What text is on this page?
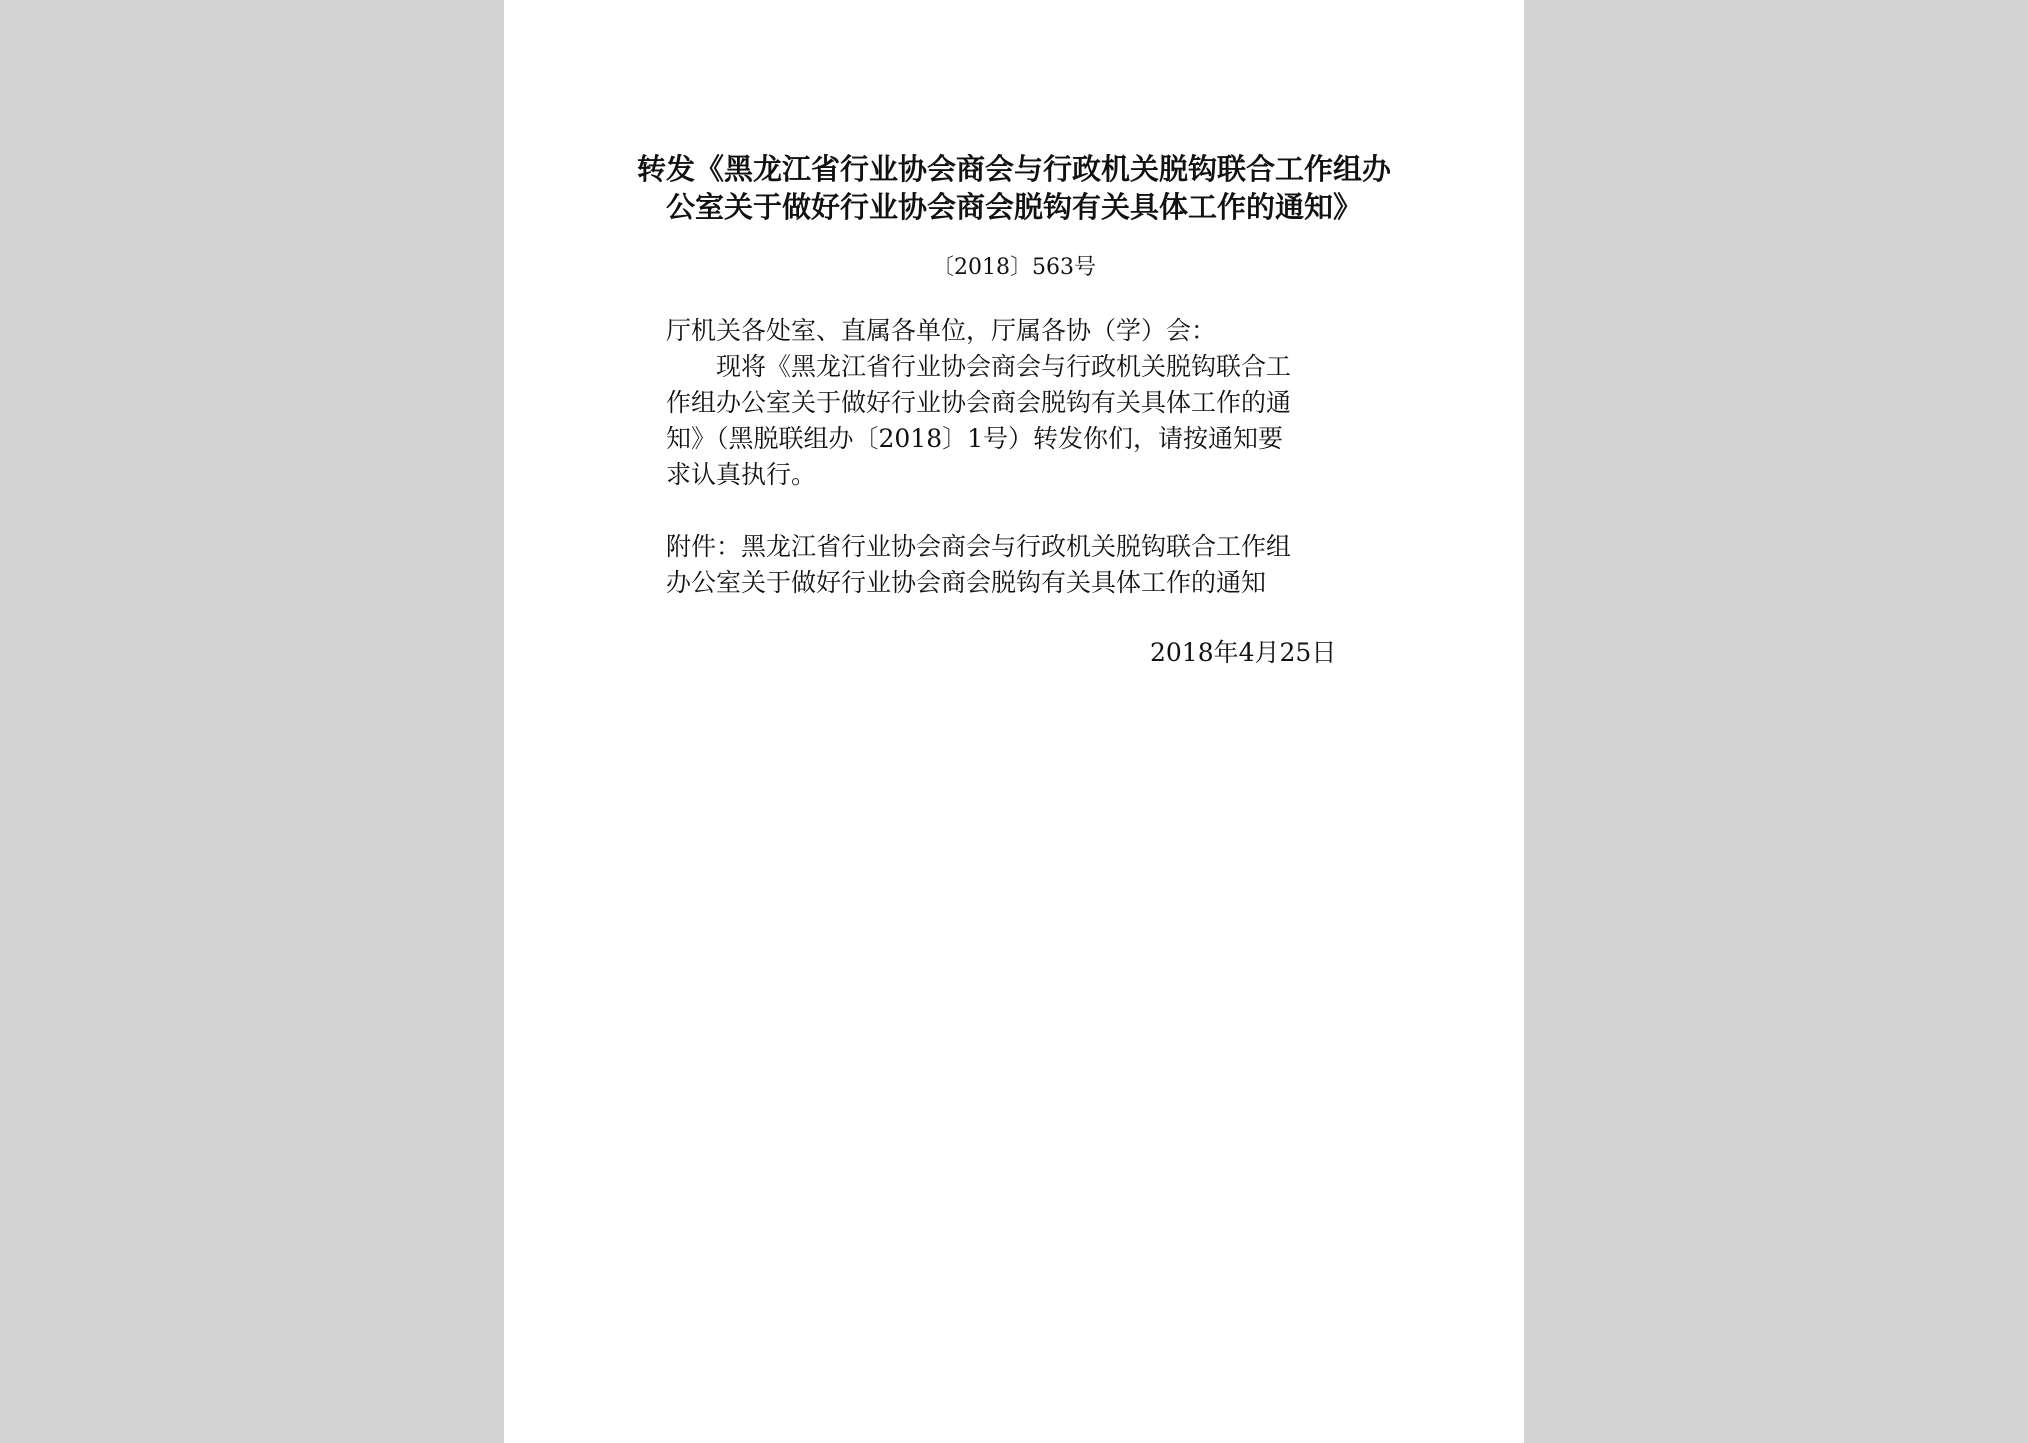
转发《黑龙江省行业协会商会与行政机关脱钩联合工作组办
公室关于做好行业协会商会脱钩有关具体工作的通知》
〔2018〕563号
厅机关各处室、直属各单位，厅属各协（学）会：
　　现将《黑龙江省行业协会商会与行政机关脱钩联合工
作组办公室关于做好行业协会商会脱钩有关具体工作的通
知》（黑脱联组办〔2018〕1号）转发你们，请按通知要
求认真执行。
附件：黑龙江省行业协会商会与行政机关脱钩联合工作组
办公室关于做好行业协会商会脱钩有关具体工作的通知
2018年4月25日
